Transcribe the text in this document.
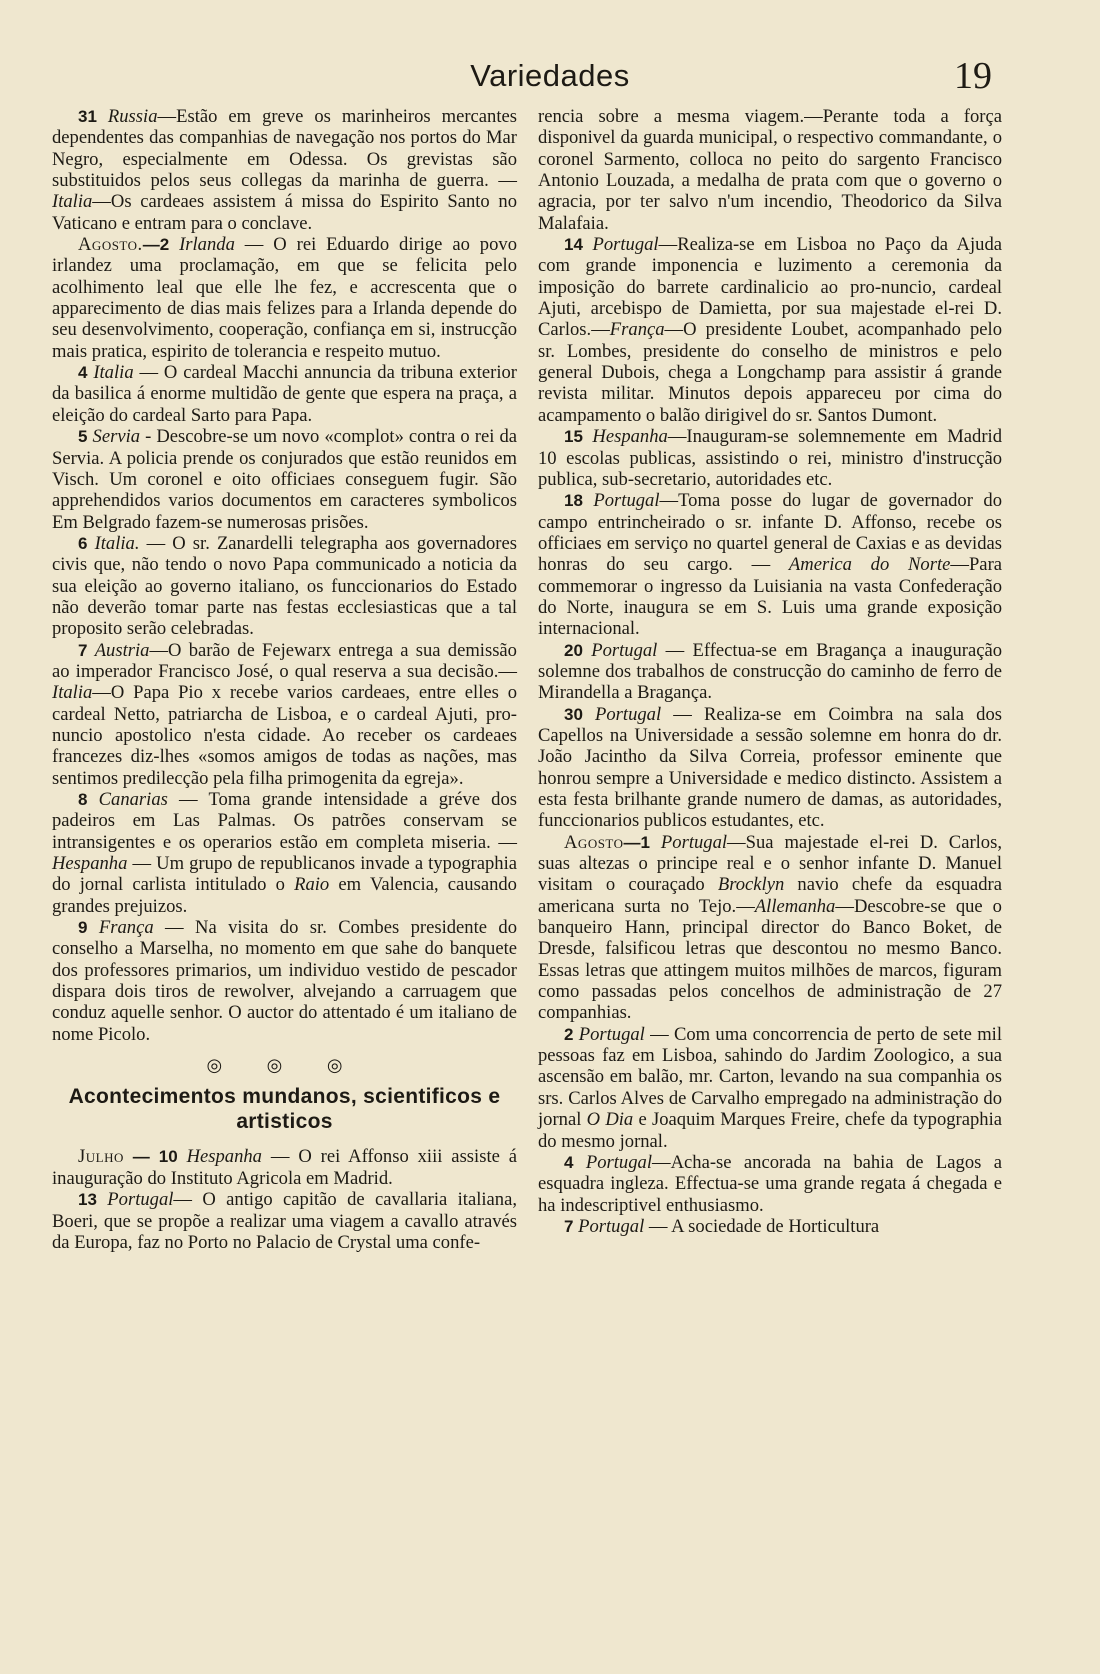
Variedades	19

31 Russia—Estão em greve os marinheiros mercantes dependentes das companhias de navegação nos portos do Mar Negro, especialmente em Odessa. Os grevistas são substituidos pelos seus collegas da marinha de guerra. — Italia—Os cardeaes assistem á missa do Espirito Santo no Vaticano e entram para o conclave.

Agosto.—2 Irlanda — O rei Eduardo dirige ao povo irlandez uma proclamação, em que se felicita pelo acolhimento leal que elle lhe fez, e accrescenta que o apparecimento de dias mais felizes para a Irlanda depende do seu desenvolvimento, cooperação, confiança em si, instrucção mais pratica, espirito de tolerancia e respeito mutuo.

4 Italia — O cardeal Macchi annuncia da tribuna exterior da basilica á enorme multidão de gente que espera na praça, a eleição do cardeal Sarto para Papa.

5 Servia - Descobre-se um novo «complot» contra o rei da Servia. A policia prende os conjurados que estão reunidos em Visch. Um coronel e oito officiaes conseguem fugir. São apprehendidos varios documentos em caracteres symbolicos Em Belgrado fazem-se numerosas prisões.

6 Italia. — O sr. Zanardelli telegrapha aos governadores civis que, não tendo o novo Papa communicado a noticia da sua eleição ao governo italiano, os funccionarios do Estado não deverão tomar parte nas festas ecclesiasticas que a tal proposito serão celebradas.

7 Austria—O barão de Fejewarx entrega a sua demissão ao imperador Francisco José, o qual reserva a sua decisão.—Italia—O Papa Pio x recebe varios cardeaes, entre elles o cardeal Netto, patriarcha de Lisboa, e o cardeal Ajuti, pro-nuncio apostolico n'esta cidade. Ao receber os cardeaes francezes diz-lhes «somos amigos de todas as nações, mas sentimos predilecção pela filha primogenita da egreja».

8 Canarias — Toma grande intensidade a gréve dos padeiros em Las Palmas. Os patrões conservam se intransigentes e os operarios estão em completa miseria. — Hespanha — Um grupo de republicanos invade a typographia do jornal carlista intitulado o Raio em Valencia, causando grandes prejuizos.

9 França — Na visita do sr. Combes presidente do conselho a Marselha, no momento em que sahe do banquete dos professores primarios, um individuo vestido de pescador dispara dois tiros de rewolver, alvejando a carruagem que conduz aquelle senhor. O auctor do attentado é um italiano de nome Picolo.

◎ ◎ ◎
Acontecimentos mundanos, scientificos e artisticos

Julho — 10 Hespanha — O rei Affonso xiii assiste á inauguração do Instituto Agricola em Madrid.

13 Portugal— O antigo capitão de cavallaria italiana, Boeri, que se propõe a realizar uma viagem a cavallo através da Europa, faz no Porto no Palacio de Crystal uma confe-

rencia sobre a mesma viagem.—Perante toda a força disponivel da guarda municipal, o respectivo commandante, o coronel Sarmento, colloca no peito do sargento Francisco Antonio Louzada, a medalha de prata com que o governo o agracia, por ter salvo n'um incendio, Theodorico da Silva Malafaia.

14 Portugal—Realiza-se em Lisboa no Paço da Ajuda com grande imponencia e luzimento a ceremonia da imposição do barrete cardinalicio ao pro-nuncio, cardeal Ajuti, arcebispo de Damietta, por sua majestade el-rei D. Carlos.—França—O presidente Loubet, acompanhado pelo sr. Lombes, presidente do conselho de ministros e pelo general Dubois, chega a Longchamp para assistir á grande revista militar. Minutos depois appareceu por cima do acampamento o balão dirigivel do sr. Santos Dumont.

15 Hespanha—Inauguram-se solemnemente em Madrid 10 escolas publicas, assistindo o rei, ministro d'instrucção publica, sub-secretario, autoridades etc.

18 Portugal—Toma posse do lugar de governador do campo entrincheirado o sr. infante D. Affonso, recebe os officiaes em serviço no quartel general de Caxias e as devidas honras do seu cargo. — America do Norte—Para commemorar o ingresso da Luisiania na vasta Confederação do Norte, inaugura se em S. Luis uma grande exposição internacional.

20 Portugal — Effectua-se em Bragança a inauguração solemne dos trabalhos de construcção do caminho de ferro de Mirandella a Bragança.

30 Portugal — Realiza-se em Coimbra na sala dos Capellos na Universidade a sessão solemne em honra do dr. João Jacintho da Silva Correia, professor eminente que honrou sempre a Universidade e medico distincto. Assistem a esta festa brilhante grande numero de damas, as autoridades, funccionarios publicos estudantes, etc.

Agosto—1 Portugal—Sua majestade el-rei D. Carlos, suas altezas o principe real e o senhor infante D. Manuel visitam o couraçado Brocklyn navio chefe da esquadra americana surta no Tejo.—Allemanha—Descobre-se que o banqueiro Hann, principal director do Banco Boket, de Dresde, falsificou letras que descontou no mesmo Banco. Essas letras que attingem muitos milhões de marcos, figuram como passadas pelos concelhos de administração de 27 companhias.

2 Portugal — Com uma concorrencia de perto de sete mil pessoas faz em Lisboa, sahindo do Jardim Zoologico, a sua ascensão em balão, mr. Carton, levando na sua companhia os srs. Carlos Alves de Carvalho empregado na administração do jornal O Dia e Joaquim Marques Freire, chefe da typographia do mesmo jornal.

4 Portugal—Acha-se ancorada na bahia de Lagos a esquadra ingleza. Effectua-se uma grande regata á chegada e ha indescriptivel enthusiasmo.

7 Portugal — A sociedade de Horticultura
